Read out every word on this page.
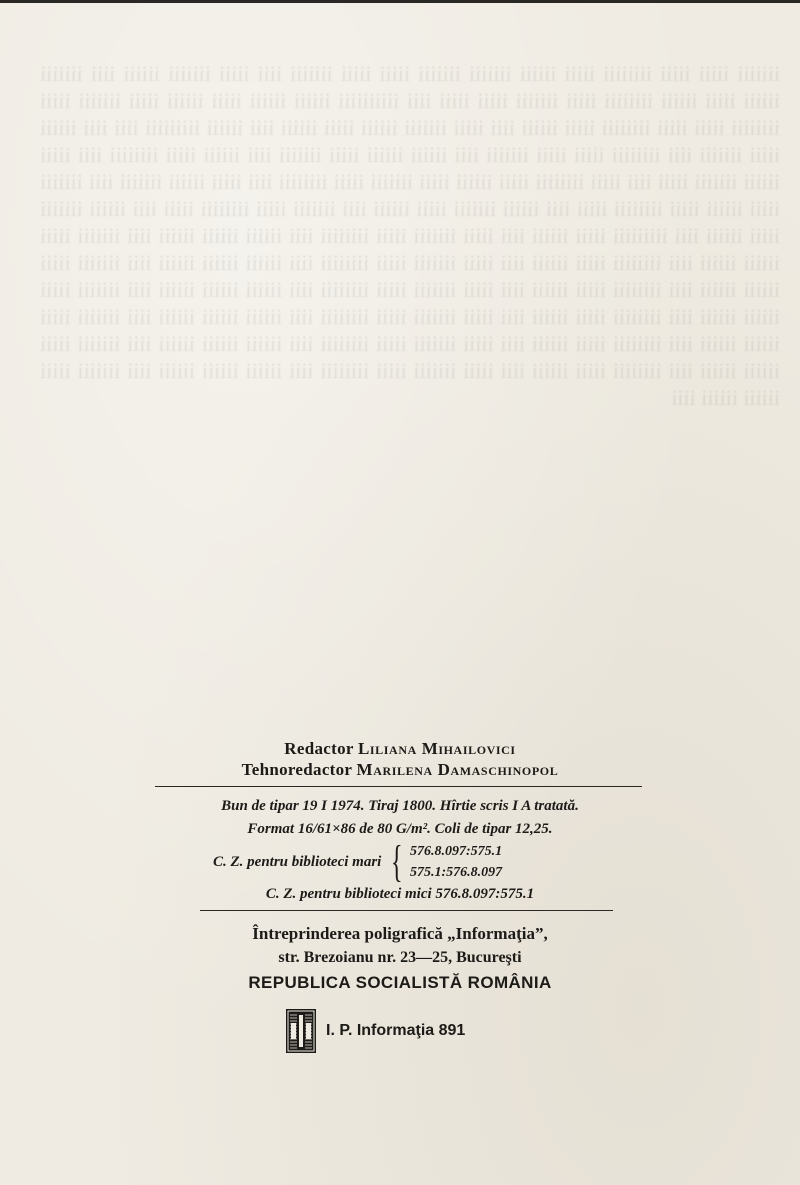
iiiiiii iiiii iiiii iiiiiiii iiiii iiiiii iiiiiii iiiiiii iiiii iiiii iiiiiii iiii iiiii iiiiiii iiiiii iiii iiiiiii iiiiii iiiii iiiiii iiiiiiii iiiii iiiiiii iiiii iiiii iiii iiiiiiiiii iiiiii iiiiii iiiii iiiiii iiiii iiiiiii iiiii iiiiiiii iiiii iiiii iiiiiiii iiiii iiiiii iiii iiiii iiiiiii iiiiii iiiii iiiiii iiii iiiiii iiiiiiiii iiii iiii iiiiii iiiii iiiiiii iiii iiiiiiii iiiii iiiii iiiiiii iiii iiiiii iiiiii iiiii iiiiiii iiii iiiiii iiiii iiiiiiii iiii iiiii iiiiii iiiiiii iiiii iiii iiiii iiiiiiii iiiii iiiiii iiiii iiiiiii iiiii iiiiiiii iiii iiiii iiiiii iiiiiii iiii iiiiiii iiiii iiiiii iiiii iiiiiiii iiiii iiii iiiiii iiiiiii iiiii iiiiii iiii iiiiiii iiiii iiiiiiii iiiii iiii iiiiii iiiiiii iiiii iiiiii iiii iiiiiiiii iiiii iiiiii iiii iiiii iiiiiii iiiii iiiiiiii iiii iiiiii iiiiii iiiiii iiii iiiiiii iiiii iiiiii iiiiii iiii iiiiiiii iiiii iiiiii iiii iiiii iiiiiii iiiii iiiiiiii iiii iiiiii iiiiii iiiiii iiii iiiiiii iiiii iiiiii iiiiii iiii iiiiiiii iiiii iiiiii iiii iiiii iiiiiii iiiii iiiiiiii iiii iiiiii iiiiii iiiiii iiii iiiiiii iiiii iiiiii iiiiii iiii iiiiiiii iiiii iiiiii iiii iiiii iiiiiii iiiii iiiiiiii iiii iiiiii iiiiii iiiiii iiii iiiiiii iiiii iiiiii iiiiii iiii iiiiiiii iiiii iiiiii iiii iiiii iiiiiii iiiii iiiiiiii iiii iiiiii iiiiii iiiiii iiii iiiiiii iiiii iiiiii iiiiii iiii iiiiiiii iiiii iiiiii iiii iiiii iiiiiii iiiii iiiiiiii iiii iiiiii iiiiii iiiiii iiii iiiiiii iiiii iiiiii iiiiii iiii
Redactor Liliana Mihailovici
Tehnoredactor Marilena Damaschinopol
Bun de tipar 19 I 1974. Tiraj 1800. Hîrtie scris I A tratată.
Format 16/61×86 de 80 G/m². Coli de tipar 12,25.
C. Z. pentru biblioteci mari { 576.8.097:575.1
575.1:576.8.097
C. Z. pentru biblioteci mici 576.8.097:575.1
Întreprinderea poligrafică „Informaţia”,
str. Brezoianu nr. 23—25, Bucureşti
REPUBLICA SOCIALISTĂ ROMÂNIA
I. P. Informaţia 891
